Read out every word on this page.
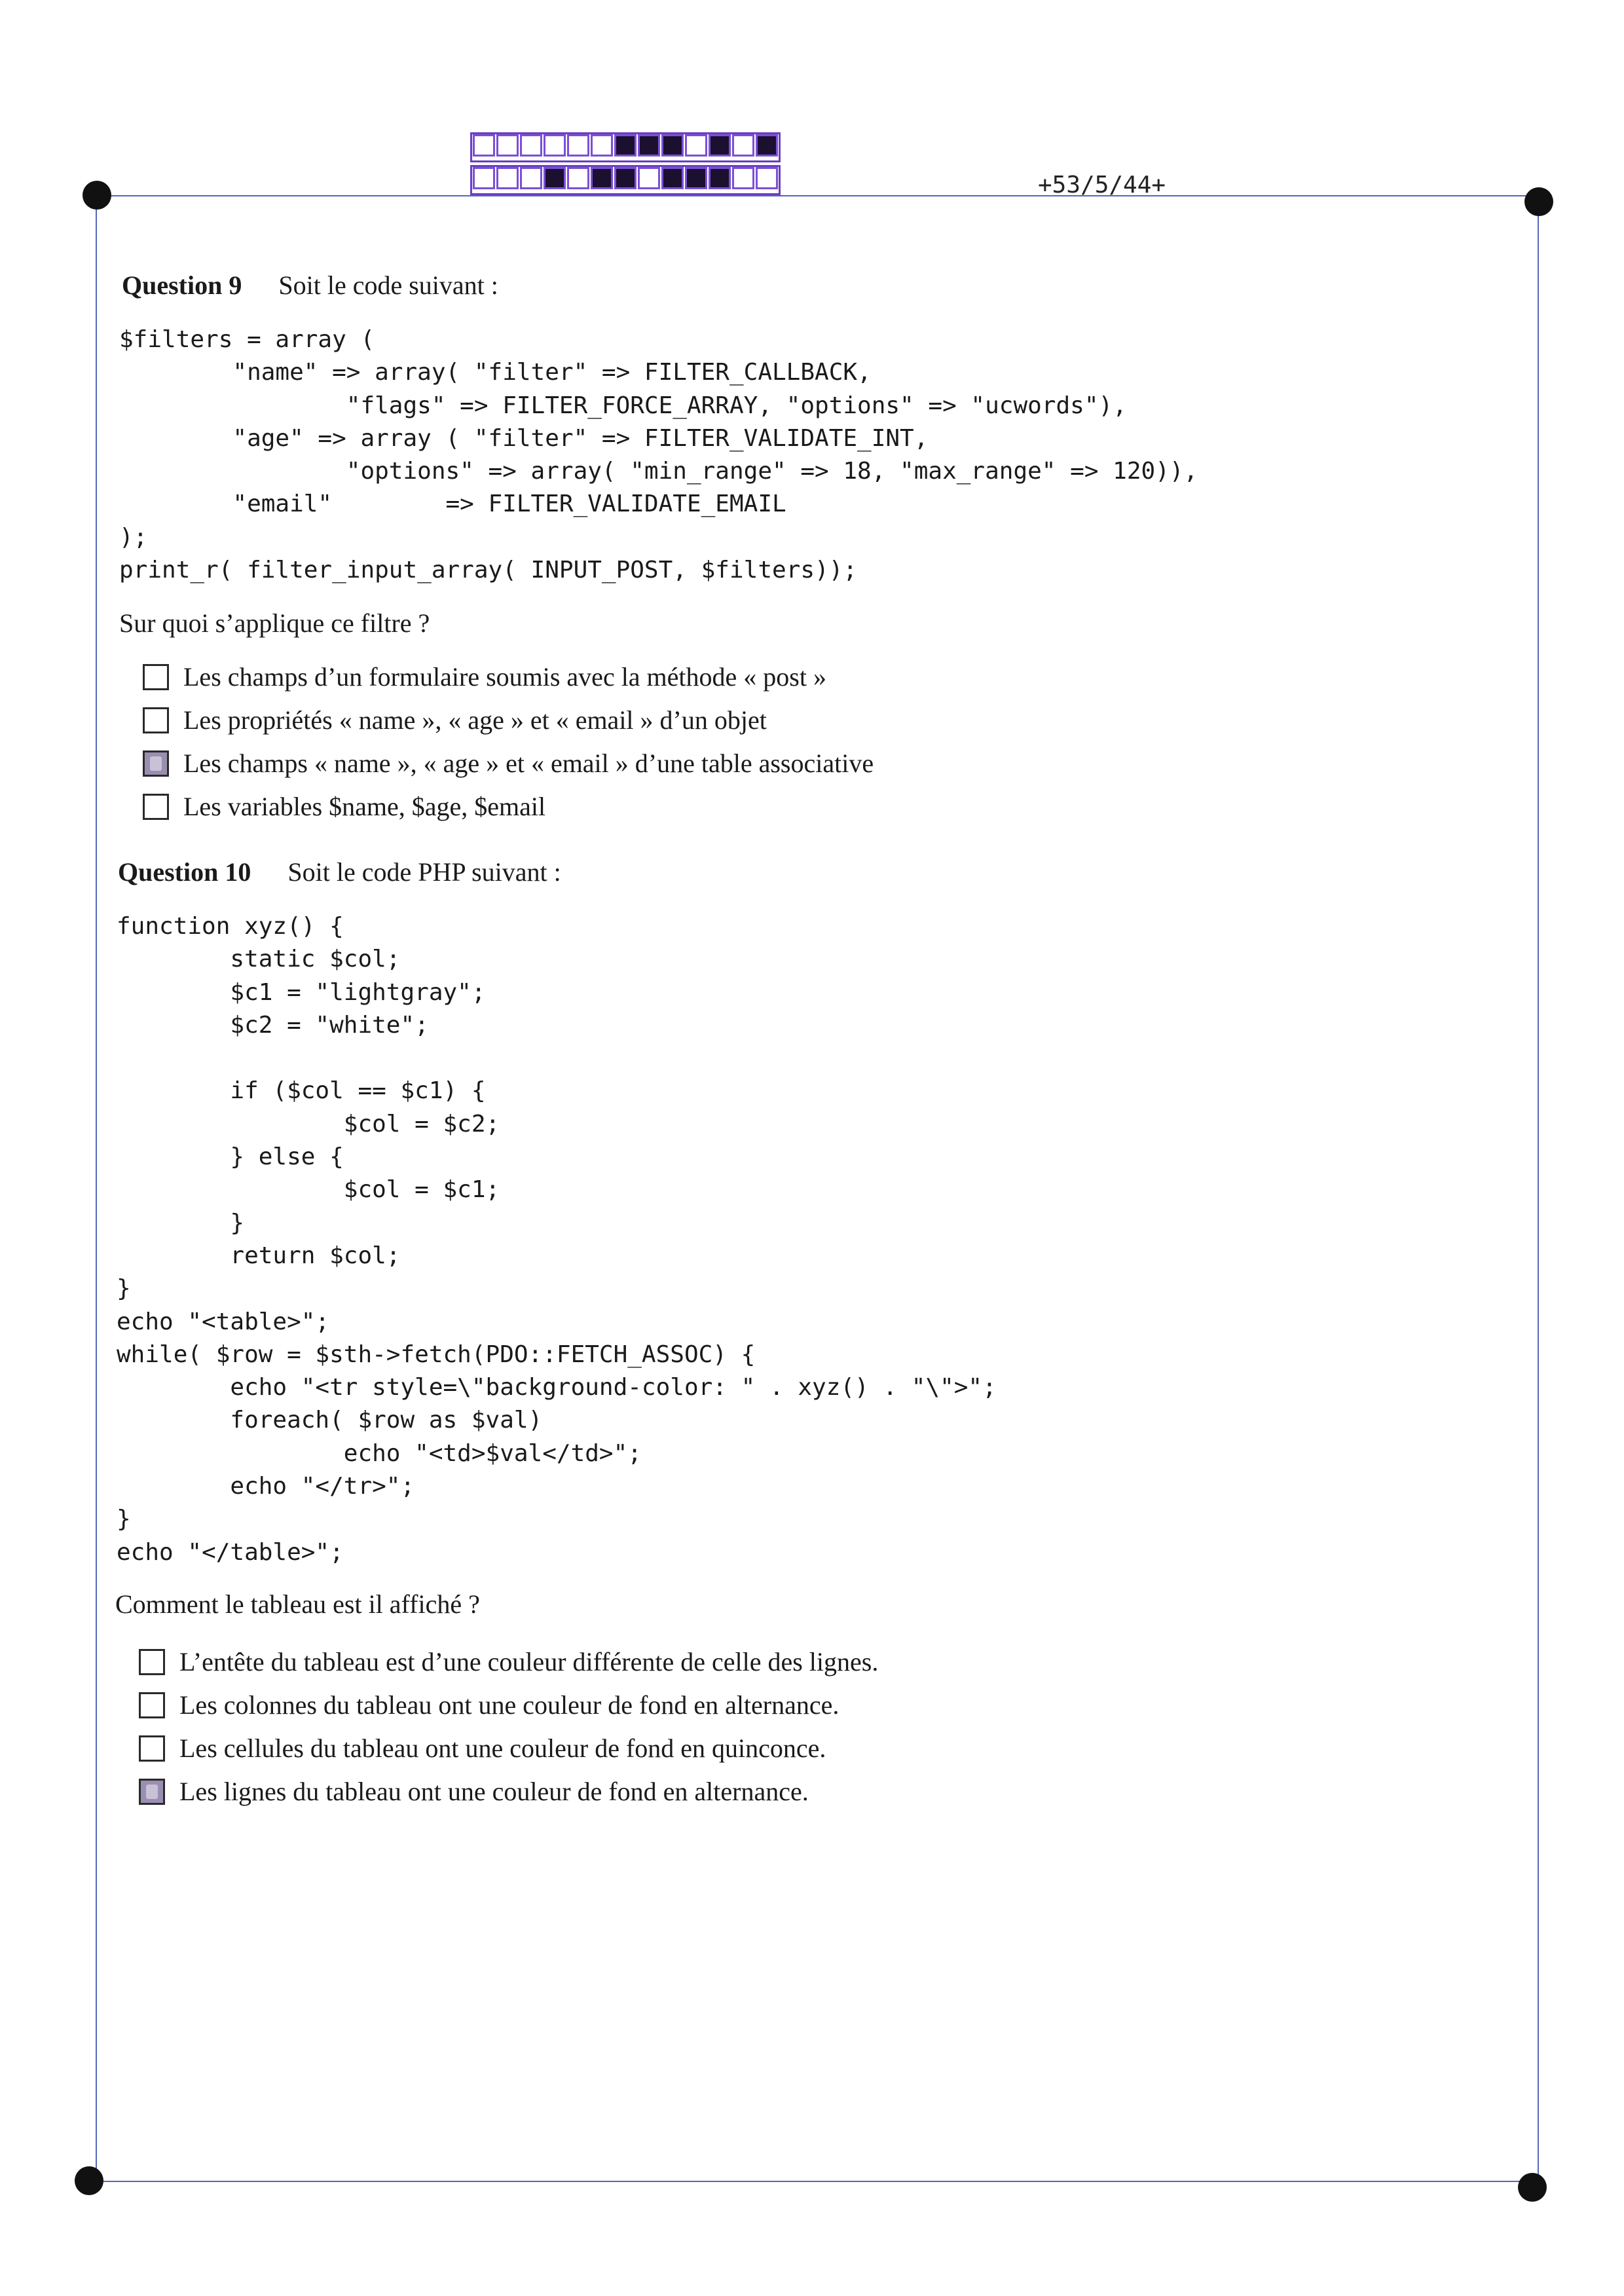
+53/5/44+
Question 9 Soit le code suivant :
$filters = array (
"name" => array( "filter" => FILTER_CALLBACK,
"flags" => FILTER_FORCE_ARRAY, "options" => "ucwords"),
"age" => array ( "filter" => FILTER_VALIDATE_INT,
"options" => array( "min_range" => 18, "max_range" => 120)),
"email"        => FILTER_VALIDATE_EMAIL
);
print_r( filter_input_array( INPUT_POST, $filters));
Sur quoi s’applique ce filtre ?
Les champs d’un formulaire soumis avec la méthode « post »
Les propriétés « name », « age » et « email » d’un objet
Les champs « name », « age » et « email » d’une table associative
Les variables $name, $age, $email
Question 10 Soit le code PHP suivant :
function xyz() {
static $col;
$c1 = "lightgray";
$c2 = "white";

if ($col == $c1) {
$col = $c2;
} else {
$col = $c1;
}
return $col;
}
echo "<table>";
while( $row = $sth->fetch(PDO::FETCH_ASSOC) {
echo "<tr style=\"background-color: " . xyz() . "\">";
foreach( $row as $val)
echo "<td>$val</td>";
echo "</tr>";
}
echo "</table>";
Comment le tableau est il affiché ?
L’entête du tableau est d’une couleur différente de celle des lignes.
Les colonnes du tableau ont une couleur de fond en alternance.
Les cellules du tableau ont une couleur de fond en quinconce.
Les lignes du tableau ont une couleur de fond en alternance.
